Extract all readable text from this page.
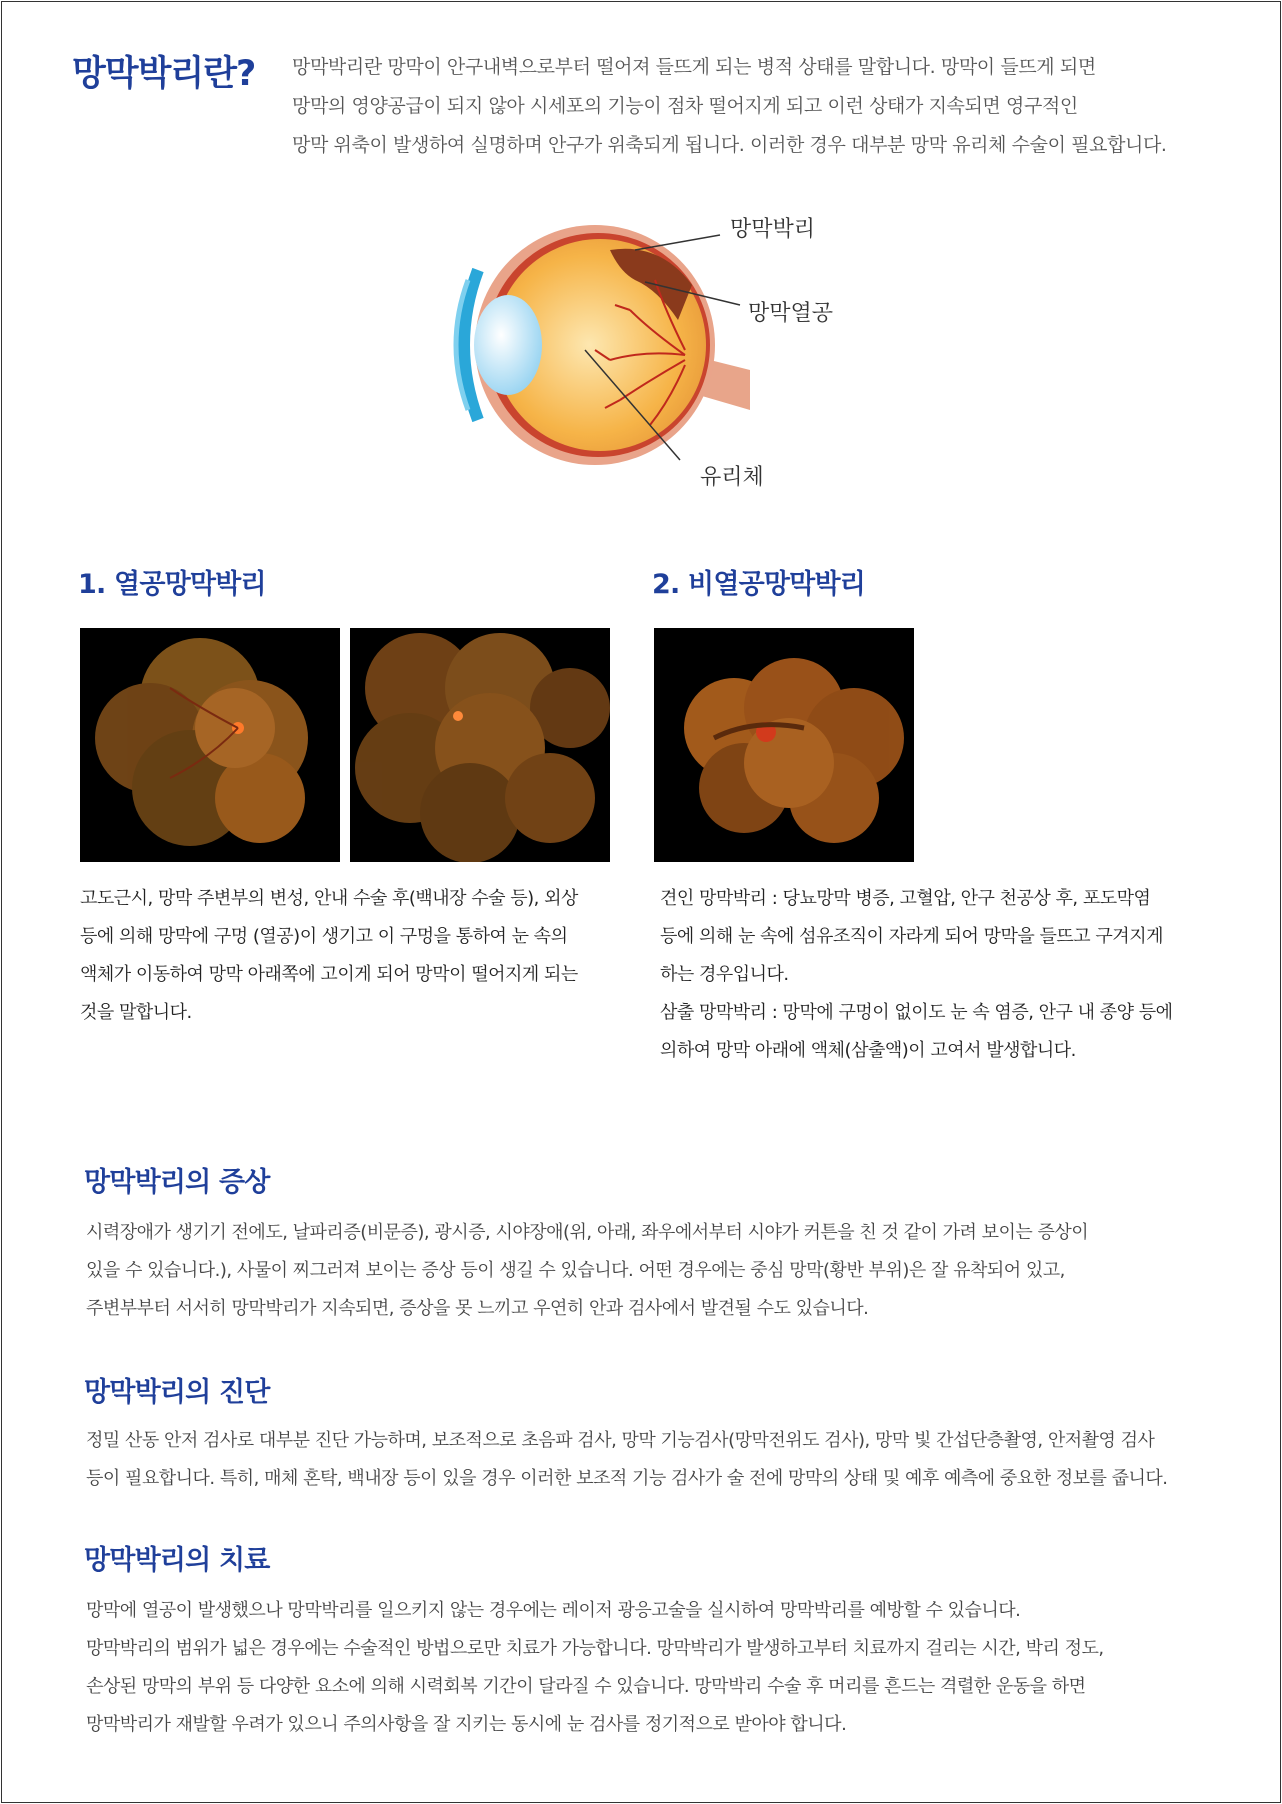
망막박리란? 망막박리란 망막이 안구내벽으로부터 떨어져 들뜨게 되는 병적 상태를 말합니다. 망막이 들뜨게 되면

망막의 영양공급이 되지 않아 시세포의 기능이 점차 떨어지게 되고 이런 상태가 지속되면 영구적인

망막 위축이 발생하여 실명하며 안구가 위축되게 됩니다. 이러한 경우 대부분 망막 유리체 수술이 필요합니다.

망막박리
망막열공
유리체
1. 열공망막박리

고도근시, 망막 주변부의 변성, 안내 수술 후(백내장 수술 등), 외상

등에 의해 망막에 구멍 (열공)이 생기고 이 구멍을 통하여 눈 속의

액체가 이동하여 망막 아래쪽에 고이게 되어 망막이 떨어지게 되는

것을 말합니다.

2. 비열공망막박리

견인 망막박리 : 당뇨망막 병증, 고혈압, 안구 천공상 후, 포도막염

등에 의해 눈 속에 섬유조직이 자라게 되어 망막을 들뜨고 구겨지게

하는 경우입니다.

삼출 망막박리 : 망막에 구멍이 없이도 눈 속 염증, 안구 내 종양 등에

의하여 망막 아래에 액체(삼출액)이 고여서 발생합니다.

망막박리의 증상

시력장애가 생기기 전에도, 날파리증(비문증), 광시증, 시야장애(위, 아래, 좌우에서부터 시야가 커튼을 친 것 같이 가려 보이는 증상이

있을 수 있습니다.), 사물이 찌그러져 보이는 증상 등이 생길 수 있습니다. 어떤 경우에는 중심 망막(황반 부위)은 잘 유착되어 있고,

주변부부터 서서히 망막박리가 지속되면, 증상을 못 느끼고 우연히 안과 검사에서 발견될 수도 있습니다.

망막박리의 진단

정밀 산동 안저 검사로 대부분 진단 가능하며, 보조적으로 초음파 검사, 망막 기능검사(망막전위도 검사), 망막 빛 간섭단층촬영, 안저촬영 검사

등이 필요합니다. 특히, 매체 혼탁, 백내장 등이 있을 경우 이러한 보조적 기능 검사가 술 전에 망막의 상태 및 예후 예측에 중요한 정보를 줍니다.

망막박리의 치료

망막에 열공이 발생했으나 망막박리를 일으키지 않는 경우에는 레이저 광응고술을 실시하여 망막박리를 예방할 수 있습니다.

망막박리의 범위가 넓은 경우에는 수술적인 방법으로만 치료가 가능합니다. 망막박리가 발생하고부터 치료까지 걸리는 시간, 박리 정도,

손상된 망막의 부위 등 다양한 요소에 의해 시력회복 기간이 달라질 수 있습니다. 망막박리 수술 후 머리를 흔드는 격렬한 운동을 하면

망막박리가 재발할 우려가 있으니 주의사항을 잘 지키는 동시에 눈 검사를 정기적으로 받아야 합니다.
